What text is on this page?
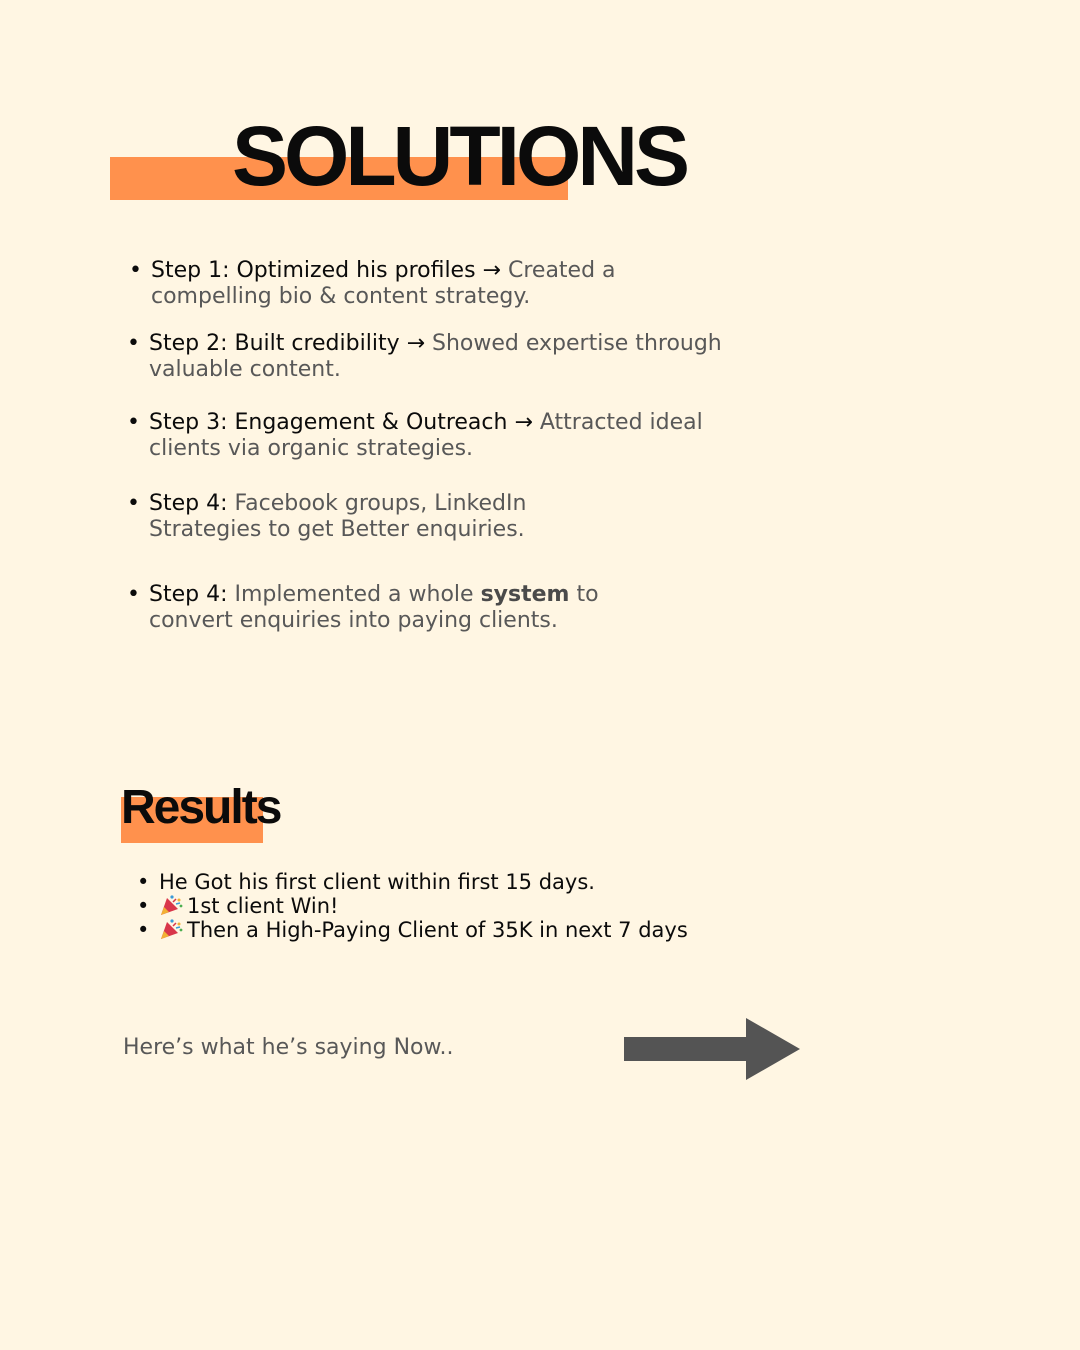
SOLUTIONS
• Step 1: Optimized his profiles → Created a compelling bio & content strategy.
• Step 2: Built credibility → Showed expertise through valuable content.
• Step 3: Engagement & Outreach → Attracted ideal clients via organic strategies.
• Step 4: Facebook groups, LinkedIn Strategies to get Better enquiries.
• Step 4: Implemented a whole system to convert enquiries into paying clients.
Results
• He Got his first client within first 15 days.
• 1st client Win!
• Then a High-Paying Client of 35K in next 7 days
Here’s what he’s saying Now..
